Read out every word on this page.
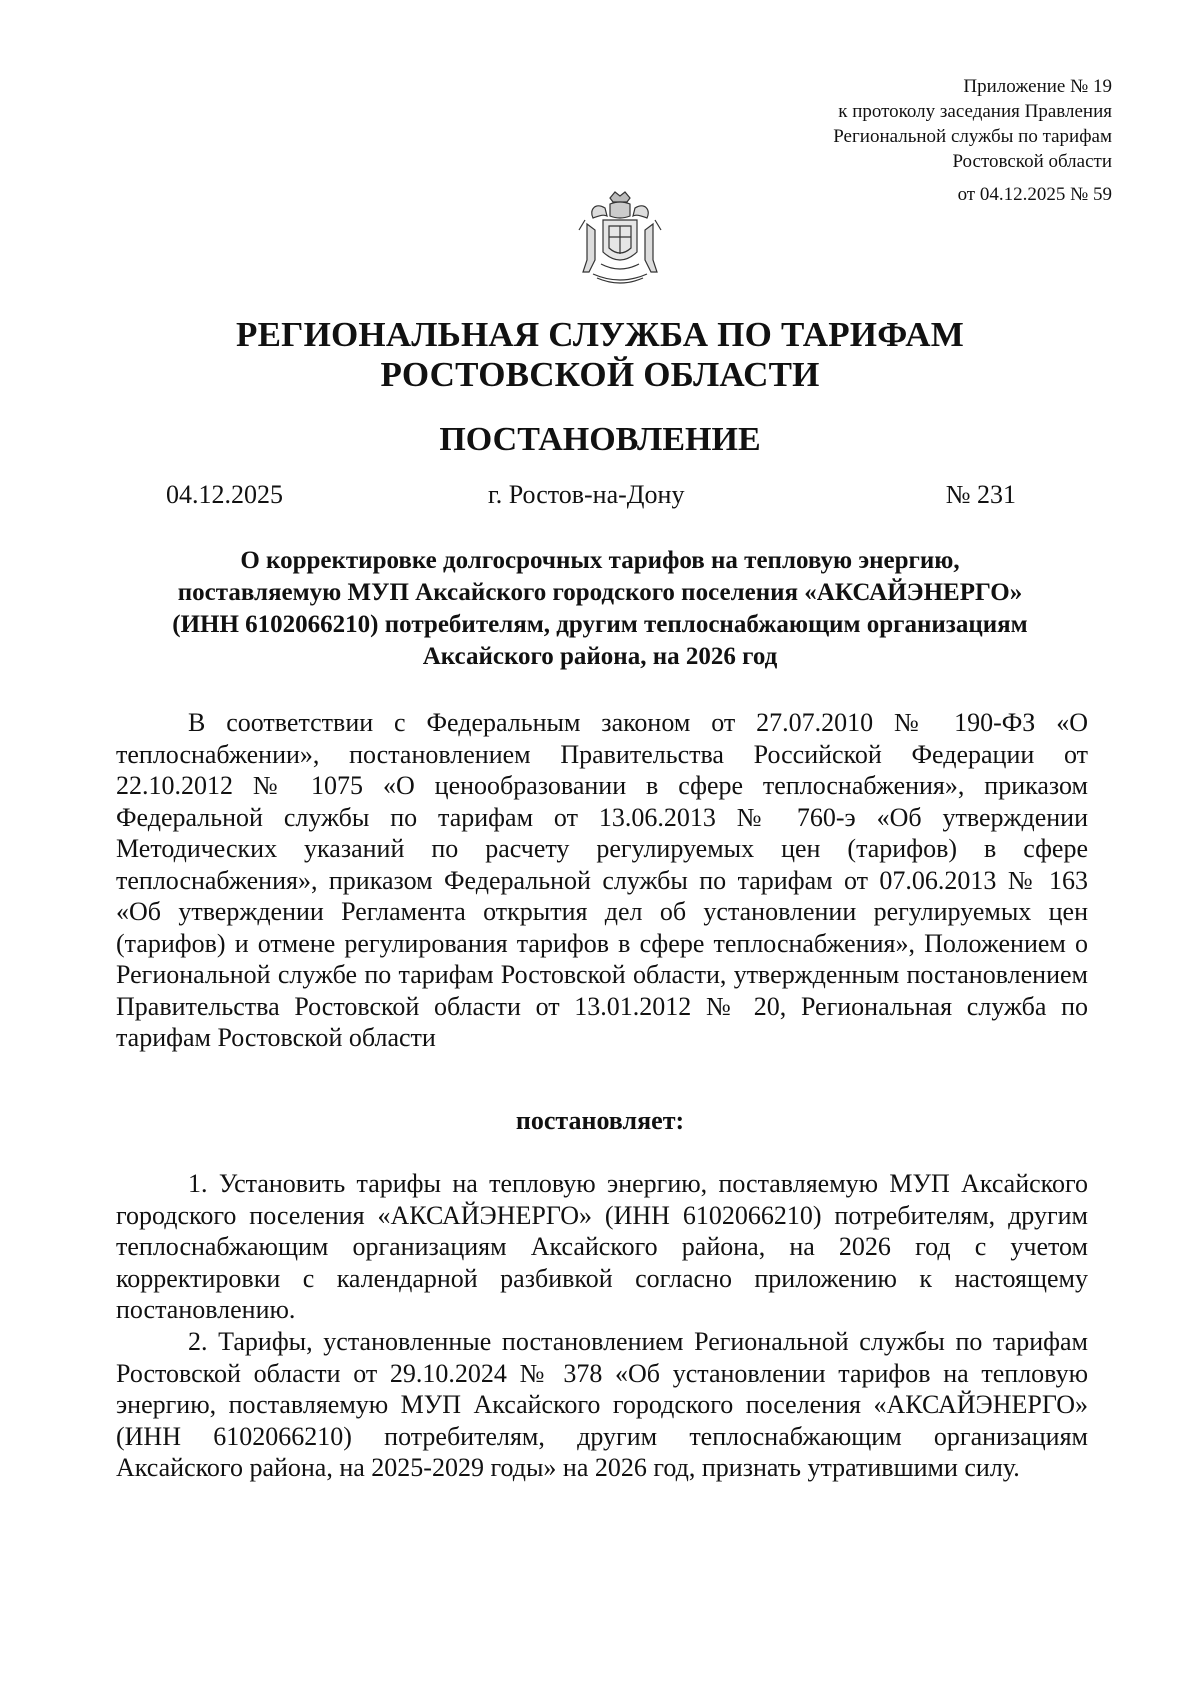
Приложение № 19
к протоколу заседания Правления
Региональной службы по тарифам
Ростовской области
от 04.12.2025 № 59
РЕГИОНАЛЬНАЯ СЛУЖБА ПО ТАРИФАМ
РОСТОВСКОЙ ОБЛАСТИ
ПОСТАНОВЛЕНИЕ
04.12.2025	г. Ростов-на-Дону	№ 231
О корректировке долгосрочных тарифов на тепловую энергию,
поставляемую МУП Аксайского городского поселения «АКСАЙЭНЕРГО»
(ИНН 6102066210) потребителям, другим теплоснабжающим организациям
Аксайского района, на 2026 год

В соответствии с Федеральным законом от 27.07.2010 № 190-ФЗ «О теплоснабжении», постановлением Правительства Российской Федерации от 22.10.2012 № 1075 «О ценообразовании в сфере теплоснабжения», приказом Федеральной службы по тарифам от 13.06.2013 № 760-э «Об утверждении Методических указаний по расчету регулируемых цен (тарифов) в сфере теплоснабжения», приказом Федеральной службы по тарифам от 07.06.2013 № 163 «Об утверждении Регламента открытия дел об установлении регулируемых цен (тарифов) и отмене регулирования тарифов в сфере теплоснабжения», Положением о Региональной службе по тарифам Ростовской области, утвержденным постановлением Правительства Ростовской области от 13.01.2012 № 20, Региональная служба по тарифам Ростовской области

постановляет:

1. Установить тарифы на тепловую энергию, поставляемую МУП Аксайского городского поселения «АКСАЙЭНЕРГО» (ИНН 6102066210) потребителям, другим теплоснабжающим организациям Аксайского района, на 2026 год с учетом корректировки с календарной разбивкой согласно приложению к настоящему постановлению.

2. Тарифы, установленные постановлением Региональной службы по тарифам Ростовской области от 29.10.2024 № 378 «Об установлении тарифов на тепловую энергию, поставляемую МУП Аксайского городского поселения «АКСАЙЭНЕРГО» (ИНН 6102066210) потребителям, другим теплоснабжающим организациям Аксайского района, на 2025-2029 годы» на 2026 год, признать утратившими силу.
